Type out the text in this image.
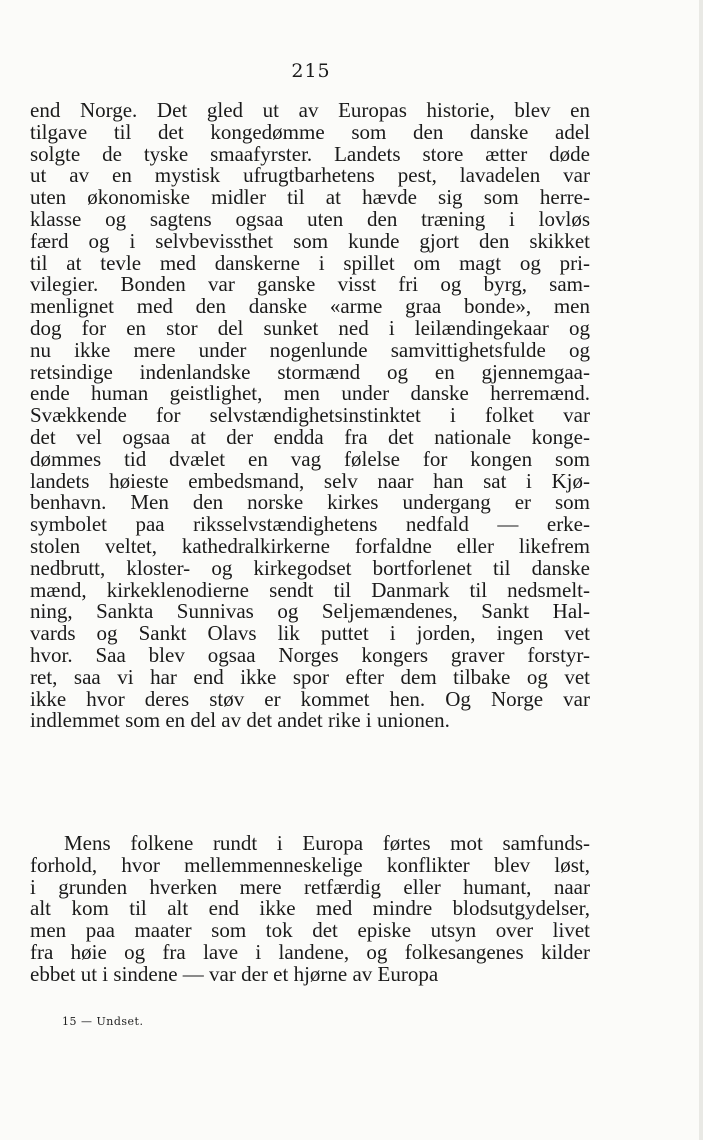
215
end Norge. Det gled ut av Europas historie, blev en
tilgave til det kongedømme som den danske adel
solgte de tyske smaafyrster. Landets store ætter døde
ut av en mystisk ufrugtbarhetens pest, lavadelen var
uten økonomiske midler til at hævde sig som herre-
klasse og sagtens ogsaa uten den træning i lovløs
færd og i selvbevissthet som kunde gjort den skikket
til at tevle med danskerne i spillet om magt og pri-
vilegier. Bonden var ganske visst fri og byrg, sam-
menlignet med den danske «arme graa bonde», men
dog for en stor del sunket ned i leilændingekaar og
nu ikke mere under nogenlunde samvittighetsfulde og
retsindige indenlandske stormænd og en gjennemgaa-
ende human geistlighet, men under danske herremænd.
Svækkende for selvstændighetsinstinktet i folket var
det vel ogsaa at der endda fra det nationale konge-
dømmes tid dvælet en vag følelse for kongen som
landets høieste embedsmand, selv naar han sat i Kjø-
benhavn. Men den norske kirkes undergang er som
symbolet paa riksselvstændighetens nedfald — erke-
stolen veltet, kathedralkirkerne forfaldne eller likefrem
nedbrutt, kloster- og kirkegodset bortforlenet til danske
mænd, kirkeklenodierne sendt til Danmark til nedsmelt-
ning, Sankta Sunnivas og Seljemændenes, Sankt Hal-
vards og Sankt Olavs lik puttet i jorden, ingen vet
hvor. Saa blev ogsaa Norges kongers graver forstyr-
ret, saa vi har end ikke spor efter dem tilbake og vet
ikke hvor deres støv er kommet hen. Og Norge var
indlemmet som en del av det andet rike i unionen.
Mens folkene rundt i Europa førtes mot samfunds-
forhold, hvor mellemmenneskelige konflikter blev løst,
i grunden hverken mere retfærdig eller humant, naar
alt kom til alt end ikke med mindre blodsutgydelser,
men paa maater som tok det episke utsyn over livet
fra høie og fra lave i landene, og folkesangenes kilder
ebbet ut i sindene — var der et hjørne av Europa
15 — Undset.
